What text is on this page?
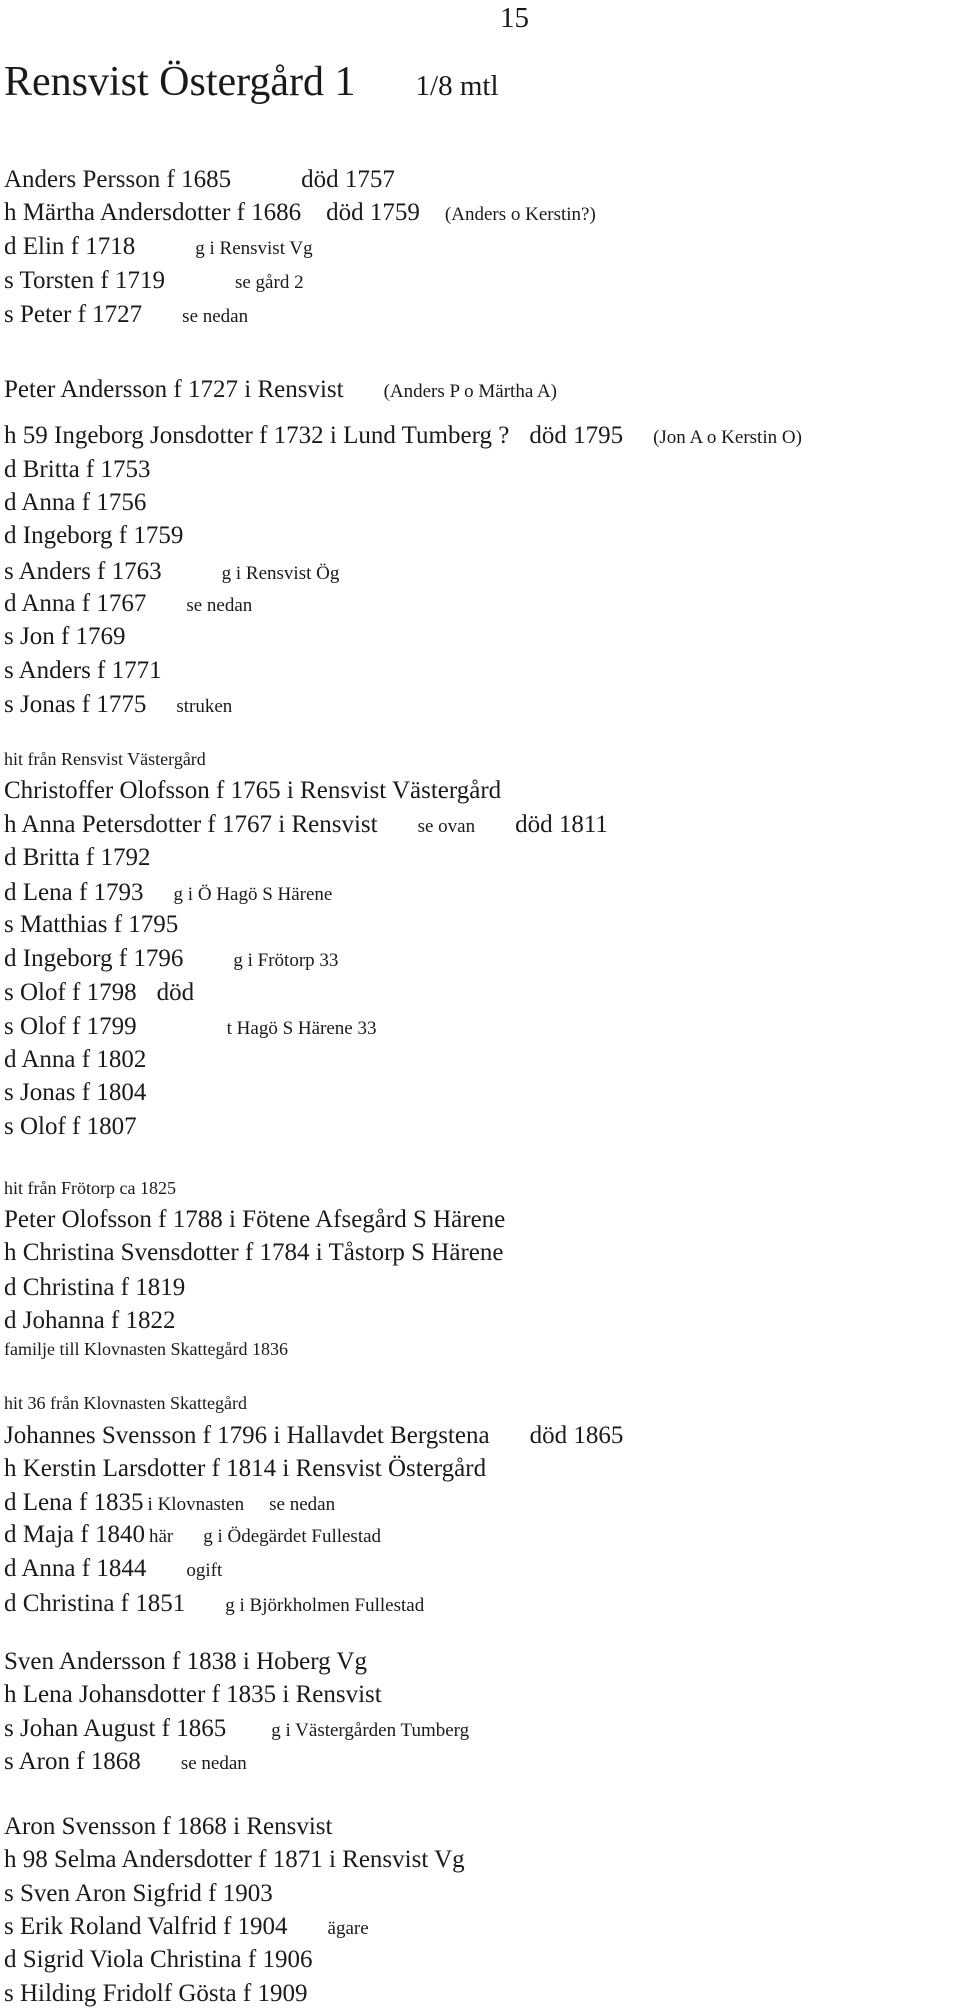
15
Rensvist Östergård 1 1/8 mtl
Anders Persson f 1685	död 1757
h Märtha Andersdotter f 1686 död 1759 (Anders o Kerstin?)
d Elin f 1718	g i Rensvist Vg
s Torsten f 1719	se gård 2
s Peter f 1727 se nedan
Peter Andersson f 1727 i Rensvist (Anders P o Märtha A)
h 59 Ingeborg Jonsdotter f 1732 i Lund Tumberg ? död 1795 (Jon A o Kerstin O)
d Britta f 1753
d Anna f 1756
d Ingeborg f 1759
s Anders f 1763	g i Rensvist Ög
d Anna f 1767 se nedan
s Jon f 1769
s Anders f 1771
s Jonas f 1775 struken
hit från Rensvist Västergård
Christoffer Olofsson f 1765 i Rensvist Västergård
h Anna Petersdotter f 1767 i Rensvist se ovan död 1811
d Britta f 1792
d Lena f 1793 g i Ö Hagö S Härene
s Matthias f 1795
d Ingeborg f 1796	g i Frötorp 33
s Olof f 1798 död
s Olof f 1799	t Hagö S Härene 33
d Anna f 1802
s Jonas f 1804
s Olof f 1807
hit från Frötorp ca 1825
Peter Olofsson f 1788 i Fötene Afsegård S Härene
h Christina Svensdotter f 1784 i Tåstorp S Härene
d Christina f 1819
d Johanna f 1822
familje till Klovnasten Skattegård 1836
hit 36 från Klovnasten Skattegård
Johannes Svensson f 1796 i Hallavdet Bergstena död 1865
h Kerstin Larsdotter f 1814 i Rensvist Östergård
d Lena f 1835 i Klovnasten se nedan
d Maja f 1840 här g i Ödegärdet Fullestad
d Anna f 1844 ogift
d Christina f 1851 g i Björkholmen Fullestad
Sven Andersson f 1838 i Hoberg Vg
h Lena Johansdotter f 1835 i Rensvist
s Johan August f 1865 g i Västergården Tumberg
s Aron f 1868 se nedan
Aron Svensson f 1868 i Rensvist
h 98 Selma Andersdotter f 1871 i Rensvist Vg
s Sven Aron Sigfrid f 1903
s Erik Roland Valfrid f 1904 ägare
d Sigrid Viola Christina f 1906
s Hilding Fridolf Gösta f 1909
